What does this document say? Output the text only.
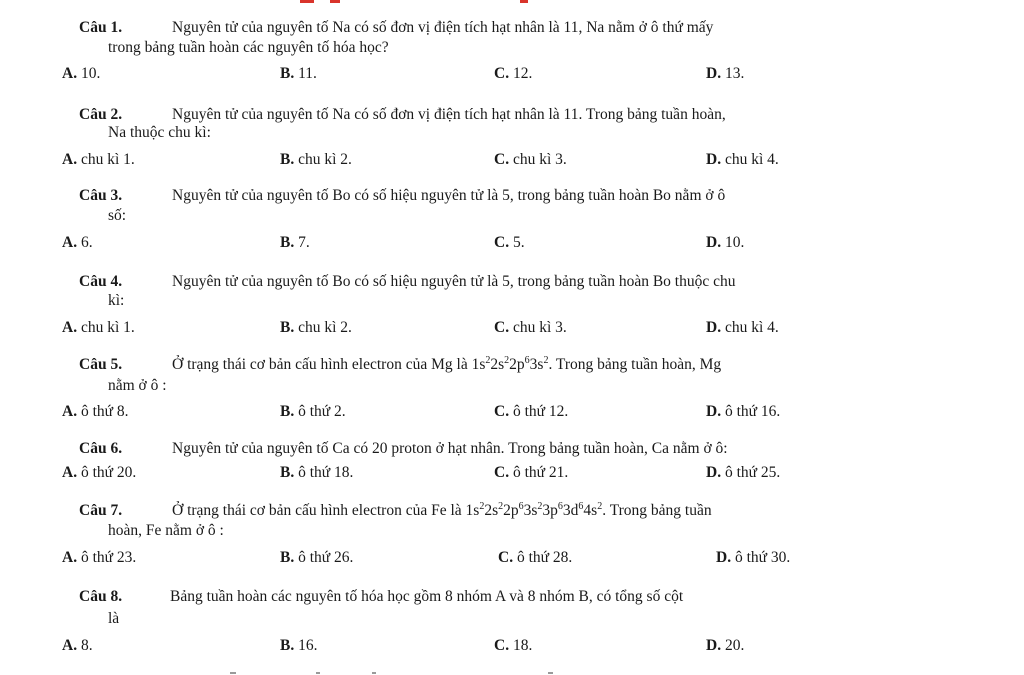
Câu 1.	Nguyên tử của nguyên tố Na có số đơn vị điện tích hạt nhân là 11, Na nằm ở ô thứ mấy
trong bảng tuần hoàn các nguyên tố hóa học?
A. 10.	B. 11.	C. 12.	D. 13.
Câu 2.	Nguyên tử của nguyên tố Na có số đơn vị điện tích hạt nhân là 11. Trong bảng tuần hoàn,
Na thuộc chu kì:
A. chu kì 1.	B. chu kì 2.	C. chu kì 3.	D. chu kì 4.
Câu 3.	Nguyên tử của nguyên tố Bo có số hiệu nguyên tử là 5, trong bảng tuần hoàn Bo nằm ở ô
số:
A. 6.	B. 7.	C. 5.	D. 10.
Câu 4.	Nguyên tử của nguyên tố Bo có số hiệu nguyên tử là 5, trong bảng tuần hoàn Bo thuộc chu
kì:
A. chu kì 1.	B. chu kì 2.	C. chu kì 3.	D. chu kì 4.
Câu 5.	Ở trạng thái cơ bản cấu hình electron của Mg là $1s^22s^22p^63s^2$. Trong bảng tuần hoàn, Mg
nằm ở ô :
A. ô thứ 8.	B. ô thứ 2.	C. ô thứ 12.	D. ô thứ 16.
Câu 6.	Nguyên tử của nguyên tố Ca có 20 proton ở hạt nhân. Trong bảng tuần hoàn, Ca nằm ở ô:
A. ô thứ 20.	B. ô thứ 18.	C. ô thứ 21.	D. ô thứ 25.
Câu 7.	Ở trạng thái cơ bản cấu hình electron của Fe là $1s^22s^22p^63s^23p^63d^64s^2$. Trong bảng tuần
hoàn, Fe nằm ở ô :
A. ô thứ 23.	B. ô thứ 26.	C. ô thứ 28.	D. ô thứ 30.
Câu 8.	Bảng tuần hoàn các nguyên tố hóa học gồm 8 nhóm A và 8 nhóm B, có tổng số cột
là
A. 8.	B. 16.	C. 18.	D. 20.
